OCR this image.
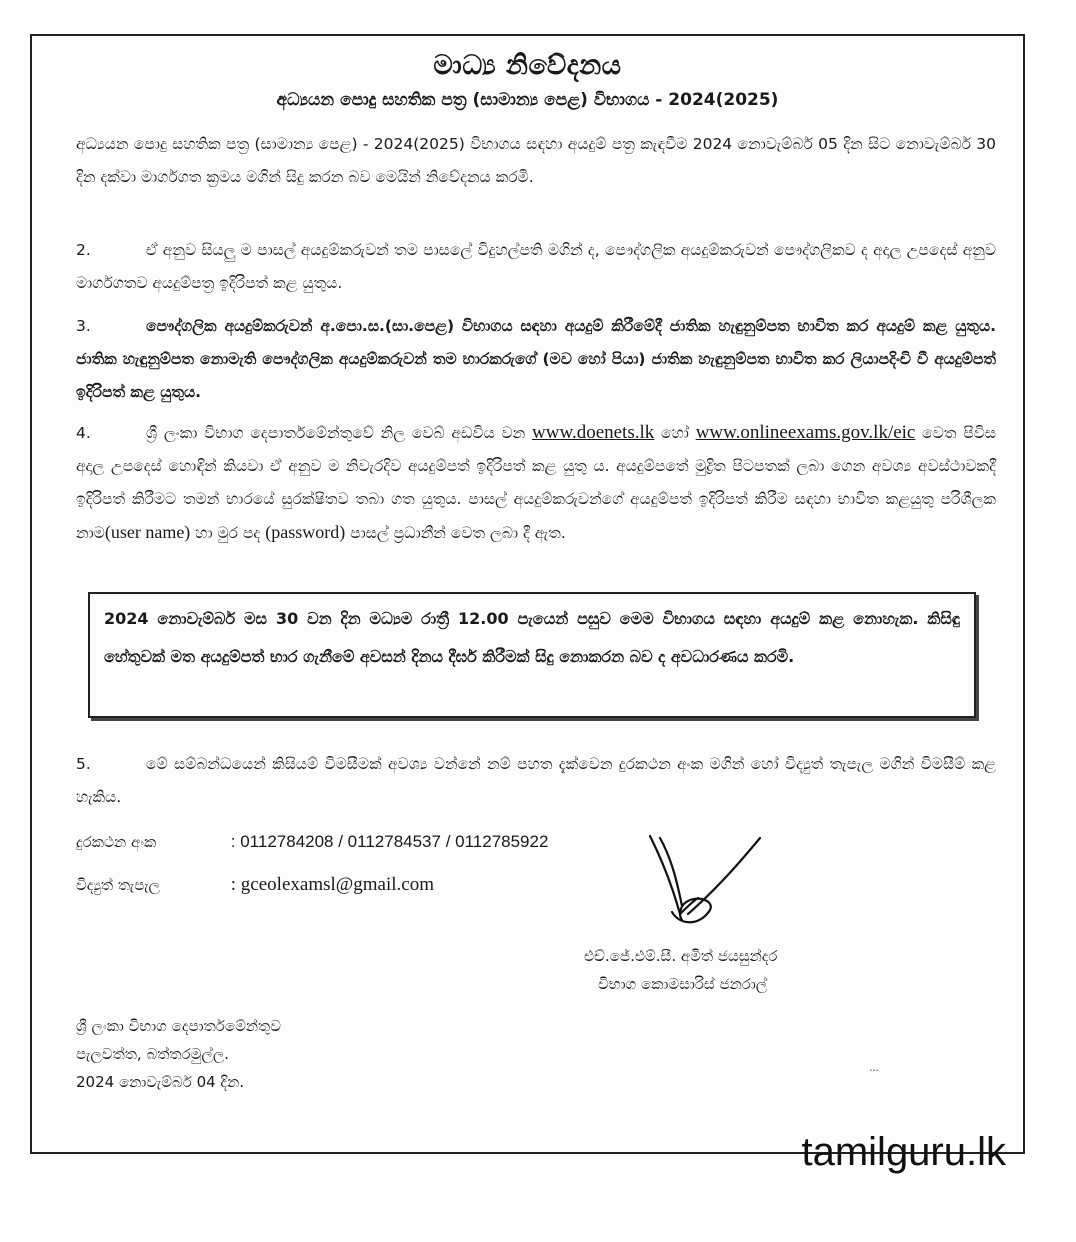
මාධ්‍ය නිවේදනය
අධ්‍යයන පොදු සහතික පත්‍ර (සාමාන්‍ය පෙළ) විභාගය - 2024(2025)
අධ්‍යයන පොදු සහතික පත්‍ර (සාමාන්‍ය පෙළ) - 2024(2025) විභාගය සඳහා අයදුම් පත්‍ර කැඳවීම 2024 නොවැම්බර් 05 දින සිට නොවැම්බර් 30 දින දක්වා මාර්ගගත ක්‍රමය මගින් සිදු කරන බව මෙයින් නිවේදනය කරමි.
2.	ඒ අනුව සියලු ම පාසල් අයදුම්කරුවන් තම පාසලේ විදුහල්පති මගින් ද, පෞද්ගලික අයදුම්කරුවන් පෞද්ගලිකව ද අදාල උපදෙස් අනුව මාර්ගගතව අයදුම්පත්‍ර ඉදිරිපත් කළ යුතුය.
3.	පෞද්ගලික අයදුම්කරුවන් අ.පො.ස.(සා.පෙළ) විභාගය සඳහා අයදුම් කිරීමේදී ජාතික හැඳුනුම්පත භාවිත කර අයදුම් කළ යුතුය. ජාතික හැඳුනුම්පත නොමැති පෞද්ගලික අයදුම්කරුවන් තම භාරකරුගේ (මව හෝ පියා) ජාතික හැඳුනුම්පත භාවිත කර ලියාපදිංචි වී අයදුම්පත් ඉදිරිපත් කළ යුතුය.
4.	ශ්‍රී ලංකා විභාග දෙපාර්තමේන්තුවේ නිල වෙබ් අඩවිය වන www.doenets.lk හෝ www.onlineexams.gov.lk/eic වෙත පිවිස අදාල උපදෙස් හොඳින් කියවා ඒ අනුව ම නිවැරදිව අයදුම්පත් ඉදිරිපත් කළ යුතු ය. අයදුම්පතේ මුද්‍රිත පිටපතක් ලබා ගෙන අවශ්‍ය අවස්ථාවකදී ඉදිරිපත් කිරීමට තමන් භාරයේ සුරක්ෂිතව තබා ගත යුතුය. පාසල් අයදුම්කරුවන්ගේ අයදුම්පත් ඉදිරිපත් කිරීම සඳහා භාවිත කළයුතු පරිශීලක නාම(user name) හා මුර පද (password) පාසල් ප්‍රධානීන් වෙත ලබා දී ඇත.
2024 නොවැම්බර් මස 30 වන දින මධ්‍යම රාත්‍රී 12.00 පැයෙන් පසුව මෙම විභාගය සඳහා අයදුම් කළ නොහැක. කිසිඳු හේතුවක් මත අයදුම්පත් භාර ගැනීමේ අවසන් දිනය දීර්ඝ කිරීමක් සිදු නොකරන බව ද අවධාරණය කරමි.
5.	මේ සම්බන්ධයෙන් කිසියම් විමසීමක් අවශ්‍ය වන්නේ නම් පහත දැක්වෙන දුරකථන අංක මගින් හෝ විද්‍යුත් තැපැල මගින් විමසීම් කළ හැකිය.
දුරකථන අංක	: 0112784208 / 0112784537 / 0112785922
විද්‍යුත් තැපැල	: gceolexamsl@gmail.com
එච්.ජේ.එම්.සී. අමිත් ජයසුන්දර
විභාග කොමසාරිස් ජනරාල්
ශ්‍රී ලංකා විභාග දෙපාර්තමේන්තුව
පැලවත්ත, බත්තරමුල්ල.
2024 නොවැම්බර් 04 දින.
• • •
tamilguru.lk
